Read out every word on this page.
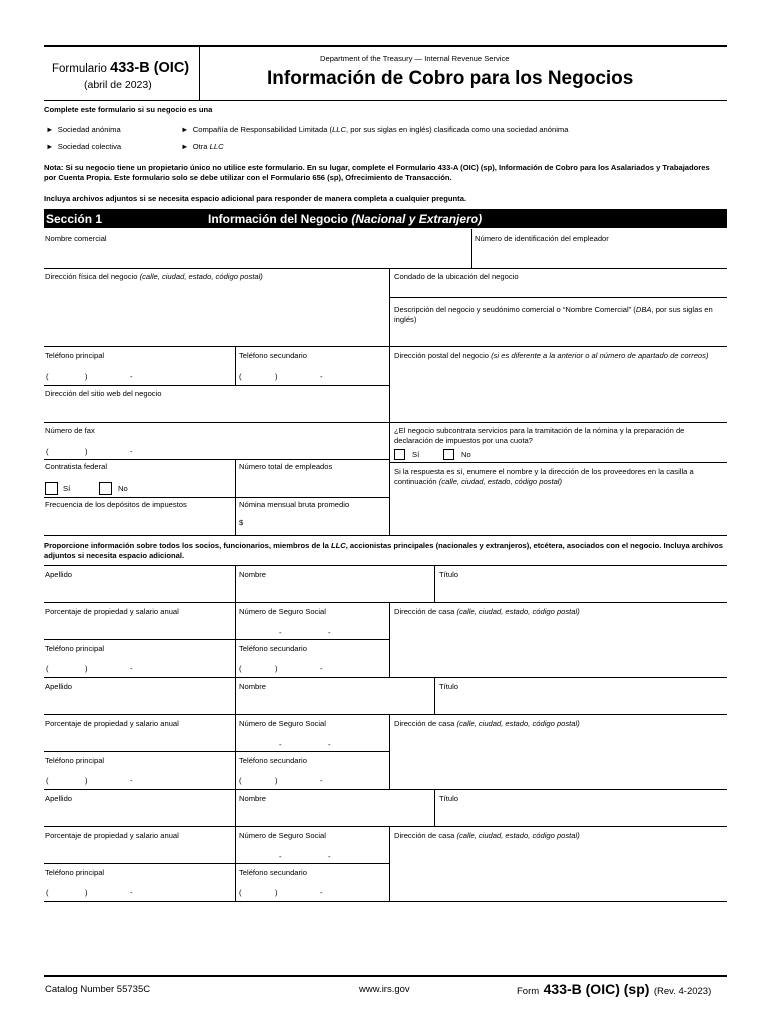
Formulario 433-B (OIC)
(abril de 2023)
Department of the Treasury — Internal Revenue Service
Información de Cobro para los Negocios
Complete este formulario si su negocio es una
► Sociedad anónima	► Compañía de Responsabilidad Limitada (LLC, por sus siglas en inglés) clasificada como una sociedad anónima
► Sociedad colectiva	► Otra LLC
Nota: Si su negocio tiene un propietario único no utilice este formulario. En su lugar, complete el Formulario 433-A (OIC) (sp), Información de Cobro para los Asalariados y Trabajadores por Cuenta Propia. Este formulario solo se debe utilizar con el Formulario 656 (sp), Ofrecimiento de Transacción.
Incluya archivos adjuntos si se necesita espacio adicional para responder de manera completa a cualquier pregunta.
Sección 1	Información del Negocio (Nacional y Extranjero)
Nombre comercial	Número de identificación del empleador
Dirección física del negocio (calle, ciudad, estado, código postal)	Condado de la ubicación del negocio
Descripción del negocio y seudónimo comercial o “Nombre Comercial” (DBA, por sus siglas en inglés)
Teléfono principal
(	)	-
Teléfono secundario
(	)	-
Dirección postal del negocio (si es diferente a la anterior o al número de apartado de correos)
Dirección del sitio web del negocio
Número de fax
(	)	-
¿El negocio subcontrata servicios para la tramitación de la nómina y la preparación de declaración de impuestos por una cuota?
Sí	No
Contratista federal
Sí	No
Número total de empleados
Si la respuesta es sí, enumere el nombre y la dirección de los proveedores en la casilla a continuación (calle, ciudad, estado, código postal)
Frecuencia de los depósitos de impuestos	Nómina mensual bruta promedio
$
Proporcione información sobre todos los socios, funcionarios, miembros de la LLC, accionistas principales (nacionales y extranjeros), etcétera, asociados con el negocio. Incluya archivos adjuntos si necesita espacio adicional.
Apellido	Nombre	Título
Porcentaje de propiedad y salario anual	Número de Seguro Social
-	-
Dirección de casa (calle, ciudad, estado, código postal)
Teléfono principal
(	)	-
Teléfono secundario
(	)	-
Apellido	Nombre	Título
Porcentaje de propiedad y salario anual	Número de Seguro Social
-	-
Dirección de casa (calle, ciudad, estado, código postal)
Teléfono principal
(	)	-
Teléfono secundario
(	)	-
Apellido	Nombre	Título
Porcentaje de propiedad y salario anual	Número de Seguro Social
-	-
Dirección de casa (calle, ciudad, estado, código postal)
Teléfono principal
(	)	-
Teléfono secundario
(	)	-
Catalog Number 55735C	www.irs.gov	Form 433-B (OIC) (sp) (Rev. 4-2023)
